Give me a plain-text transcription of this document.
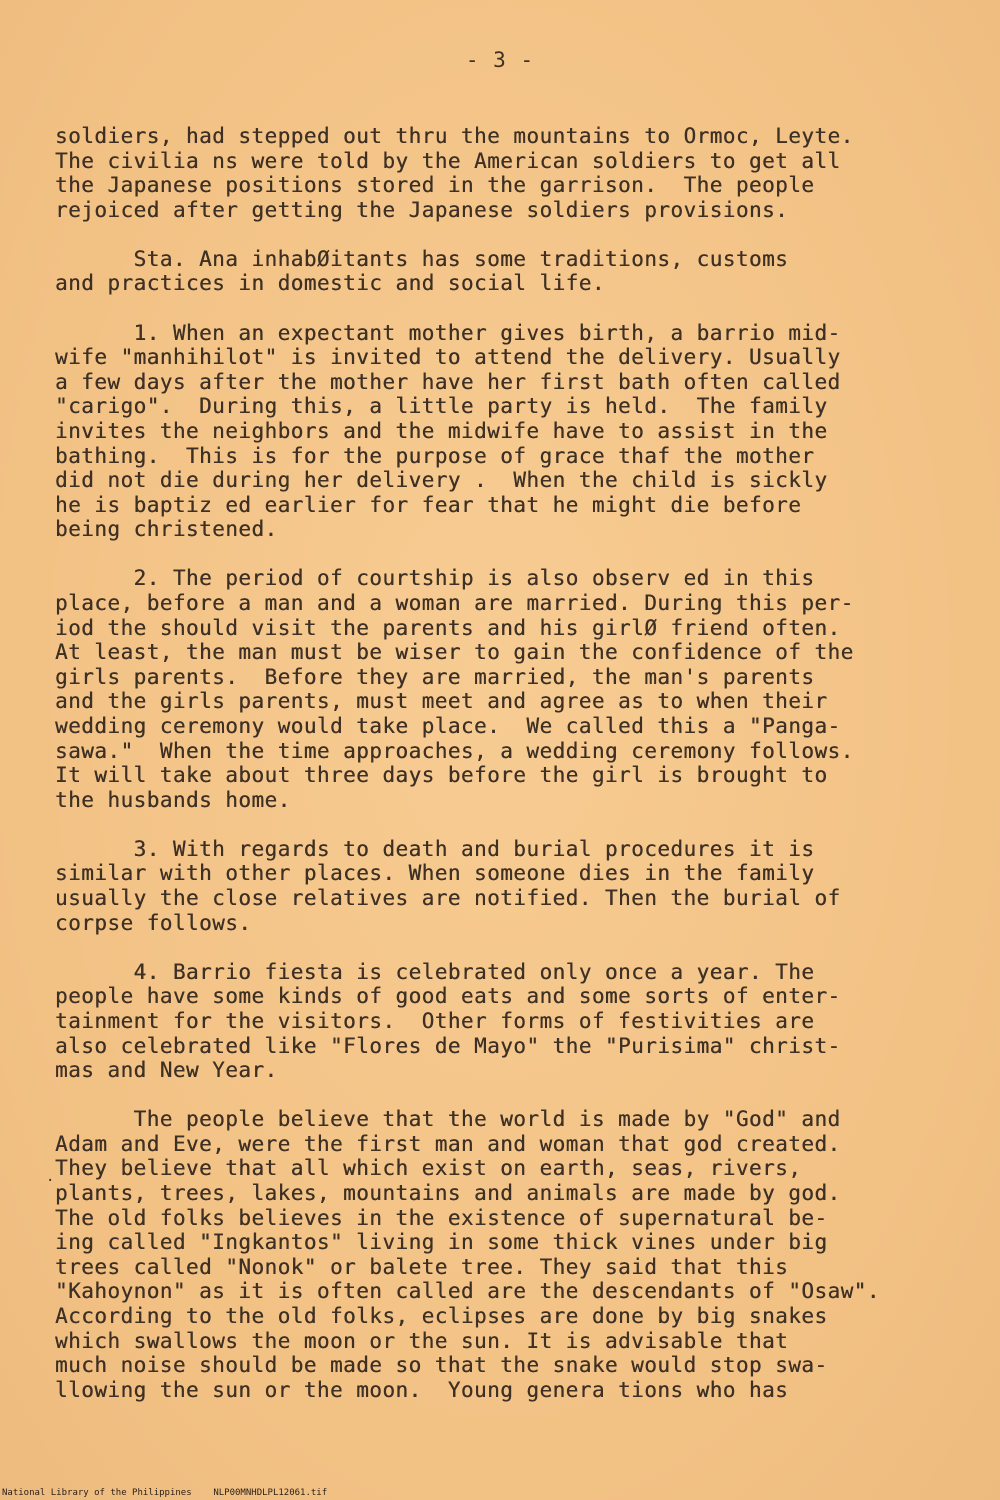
- 3 -
soldiers, had stepped out thru the mountains to Ormoc, Leyte.
The civilia ns were told by the American soldiers to get all
the Japanese positions stored in the garrison.  The people
rejoiced after getting the Japanese soldiers provisions.
Sta. Ana inhabØitants has some traditions, customs
and practices in domestic and social life.
1. When an expectant mother gives birth, a barrio mid-
wife "manhihilot" is invited to attend the delivery. Usually
a few days after the mother have her first bath often called
"carigo".  During this, a little party is held.  The family
invites the neighbors and the midwife have to assist in the
bathing.  This is for the purpose of grace thaf the mother
did not die during her delivery .  When the child is sickly
he is baptiz ed earlier for fear that he might die before
being christened.
2. The period of courtship is also observ ed in this
place, before a man and a woman are married. During this per-
iod the should visit the parents and his girlØ friend often.
At least, the man must be wiser to gain the confidence of the
girls parents.  Before they are married, the man's parents
and the girls parents, must meet and agree as to when their
wedding ceremony would take place.  We called this a "Panga-
sawa."  When the time approaches, a wedding ceremony follows.
It will take about three days before the girl is brought to
the husbands home.
3. With regards to death and burial procedures it is
similar with other places. When someone dies in the family
usually the close relatives are notified. Then the burial of
corpse follows.
4. Barrio fiesta is celebrated only once a year. The
people have some kinds of good eats and some sorts of enter-
tainment for the visitors.  Other forms of festivities are
also celebrated like "Flores de Mayo" the "Purisima" christ-
mas and New Year.
The people believe that the world is made by "God" and
Adam and Eve, were the first man and woman that god created.
They believe that all which exist on earth, seas, rivers,
plants, trees, lakes, mountains and animals are made by god.
The old folks believes in the existence of supernatural be-
ing called "Ingkantos" living in some thick vines under big
trees called "Nonok" or balete tree. They said that this
"Kahoynon" as it is often called are the descendants of "Osaw".
According to the old folks, eclipses are done by big snakes
which swallows the moon or the sun. It is advisable that
much noise should be made so that the snake would stop swa-
llowing the sun or the moon.  Young genera tions who has
·
National Library of the Philippines NLP00MNHDLPL12061.tif
